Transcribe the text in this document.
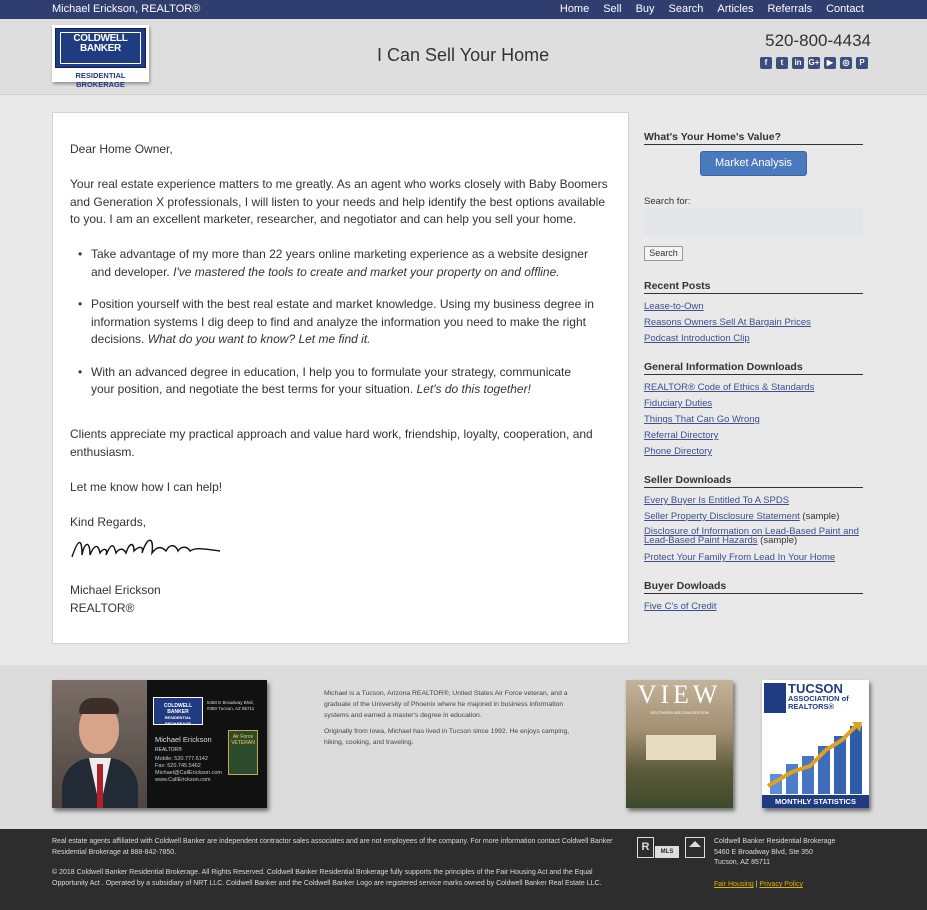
Michael Erickson, REALTOR®	Home Sell Buy Search Articles Referrals Contact
COLDWELL
BANKER
RESIDENTIAL BROKERAGE
I Can Sell Your Home
520-800-4434
f	t	in G+ ▶	◎	P

Dear Home Owner,

Your real estate experience matters to me greatly. As an agent who works closely with Baby Boomers and Generation X professionals, I will listen to your needs and help identify the best options available to you. I am an excellent marketer, researcher, and negotiator and can help you sell your home.

• Take advantage of my more than 22 years online marketing experience as a website designer and developer. I've mastered the tools to create and market your property on and offline.
• Position yourself with the best real estate and market knowledge. Using my business degree in information systems I dig deep to find and analyze the information you need to make the right decisions. What do you want to know? Let me find it.
• With an advanced degree in education, I help you to formulate your strategy, communicate your position, and negotiate the best terms for your situation. Let's do this together!

Clients appreciate my practical approach and value hard work, friendship, loyalty, cooperation, and enthusiasm.

Let me know how I can help!

Kind Regards,

Michael Erickson

REALTOR®

What's Your Home's Value?
Market Analysis
Search for:
Search
Recent Posts
Lease-to-Own
Reasons Owners Sell At Bargain Prices
Podcast Introduction Clip
General Information Downloads
REALTOR® Code of Ethics & Standards
Fiduciary Duties
Things That Can Go Wrong
Referral Directory
Phone Directory
Seller Downloads
Every Buyer Is Entitled To A SPDS
Seller Property Disclosure Statement (sample)
Disclosure of Information on Lead-Based Paint and
Lead-Based Paint Hazards (sample)
Protect Your Family From Lead In Your Home
Buyer Dowloads
Five C's of Credit
COLDWELL BANKER
RESIDENTIAL BROKERAGE
5460 E Broadway Blvd, #350 Tucson, AZ 85711
Michael Erickson
REALTOR®
Mobile: 520.777.6142
Fax: 520.745.5462
Michael@CallErickson.com
www.CallErickson.com
Air Force VETERAN

Michael is a Tucson, Arizona REALTOR®, United States Air Force veteran, and a graduate of the University of Phoenix where he majored in business information systems and earned a master's degree in education.

Originally from Iowa, Michael has lived in Tucson since 1992. He enjoys camping, hiking, cooking, and traveling.

VIEW
SOUTHERN ARIZONA EDITION
TUCSON
ASSOCIATION of REALTORS®
MONTHLY STATISTICS
Real estate agents affiliated with Coldwell Banker are independent contractor sales associates and are not employees of the company. For more information contact Coldwell Banker Residential Brokerage at 888-842-7850.
© 2018 Coldwell Banker Residential Brokerage. All Rights Reserved. Coldwell Banker Residential Brokerage fully supports the principles of the Fair Housing Act and the Equal Opportunity Act . Operated by a subsidiary of NRT LLC. Coldwell Banker and the Coldwell Banker Logo are registered service marks owned by Coldwell Banker Real Estate LLC.
R	MLS
Coldwell Banker Residential Brokerage
5460 E Broadway Blvd, Ste 350
Tucson, AZ 85711
Fair Housing | Privacy Policy
